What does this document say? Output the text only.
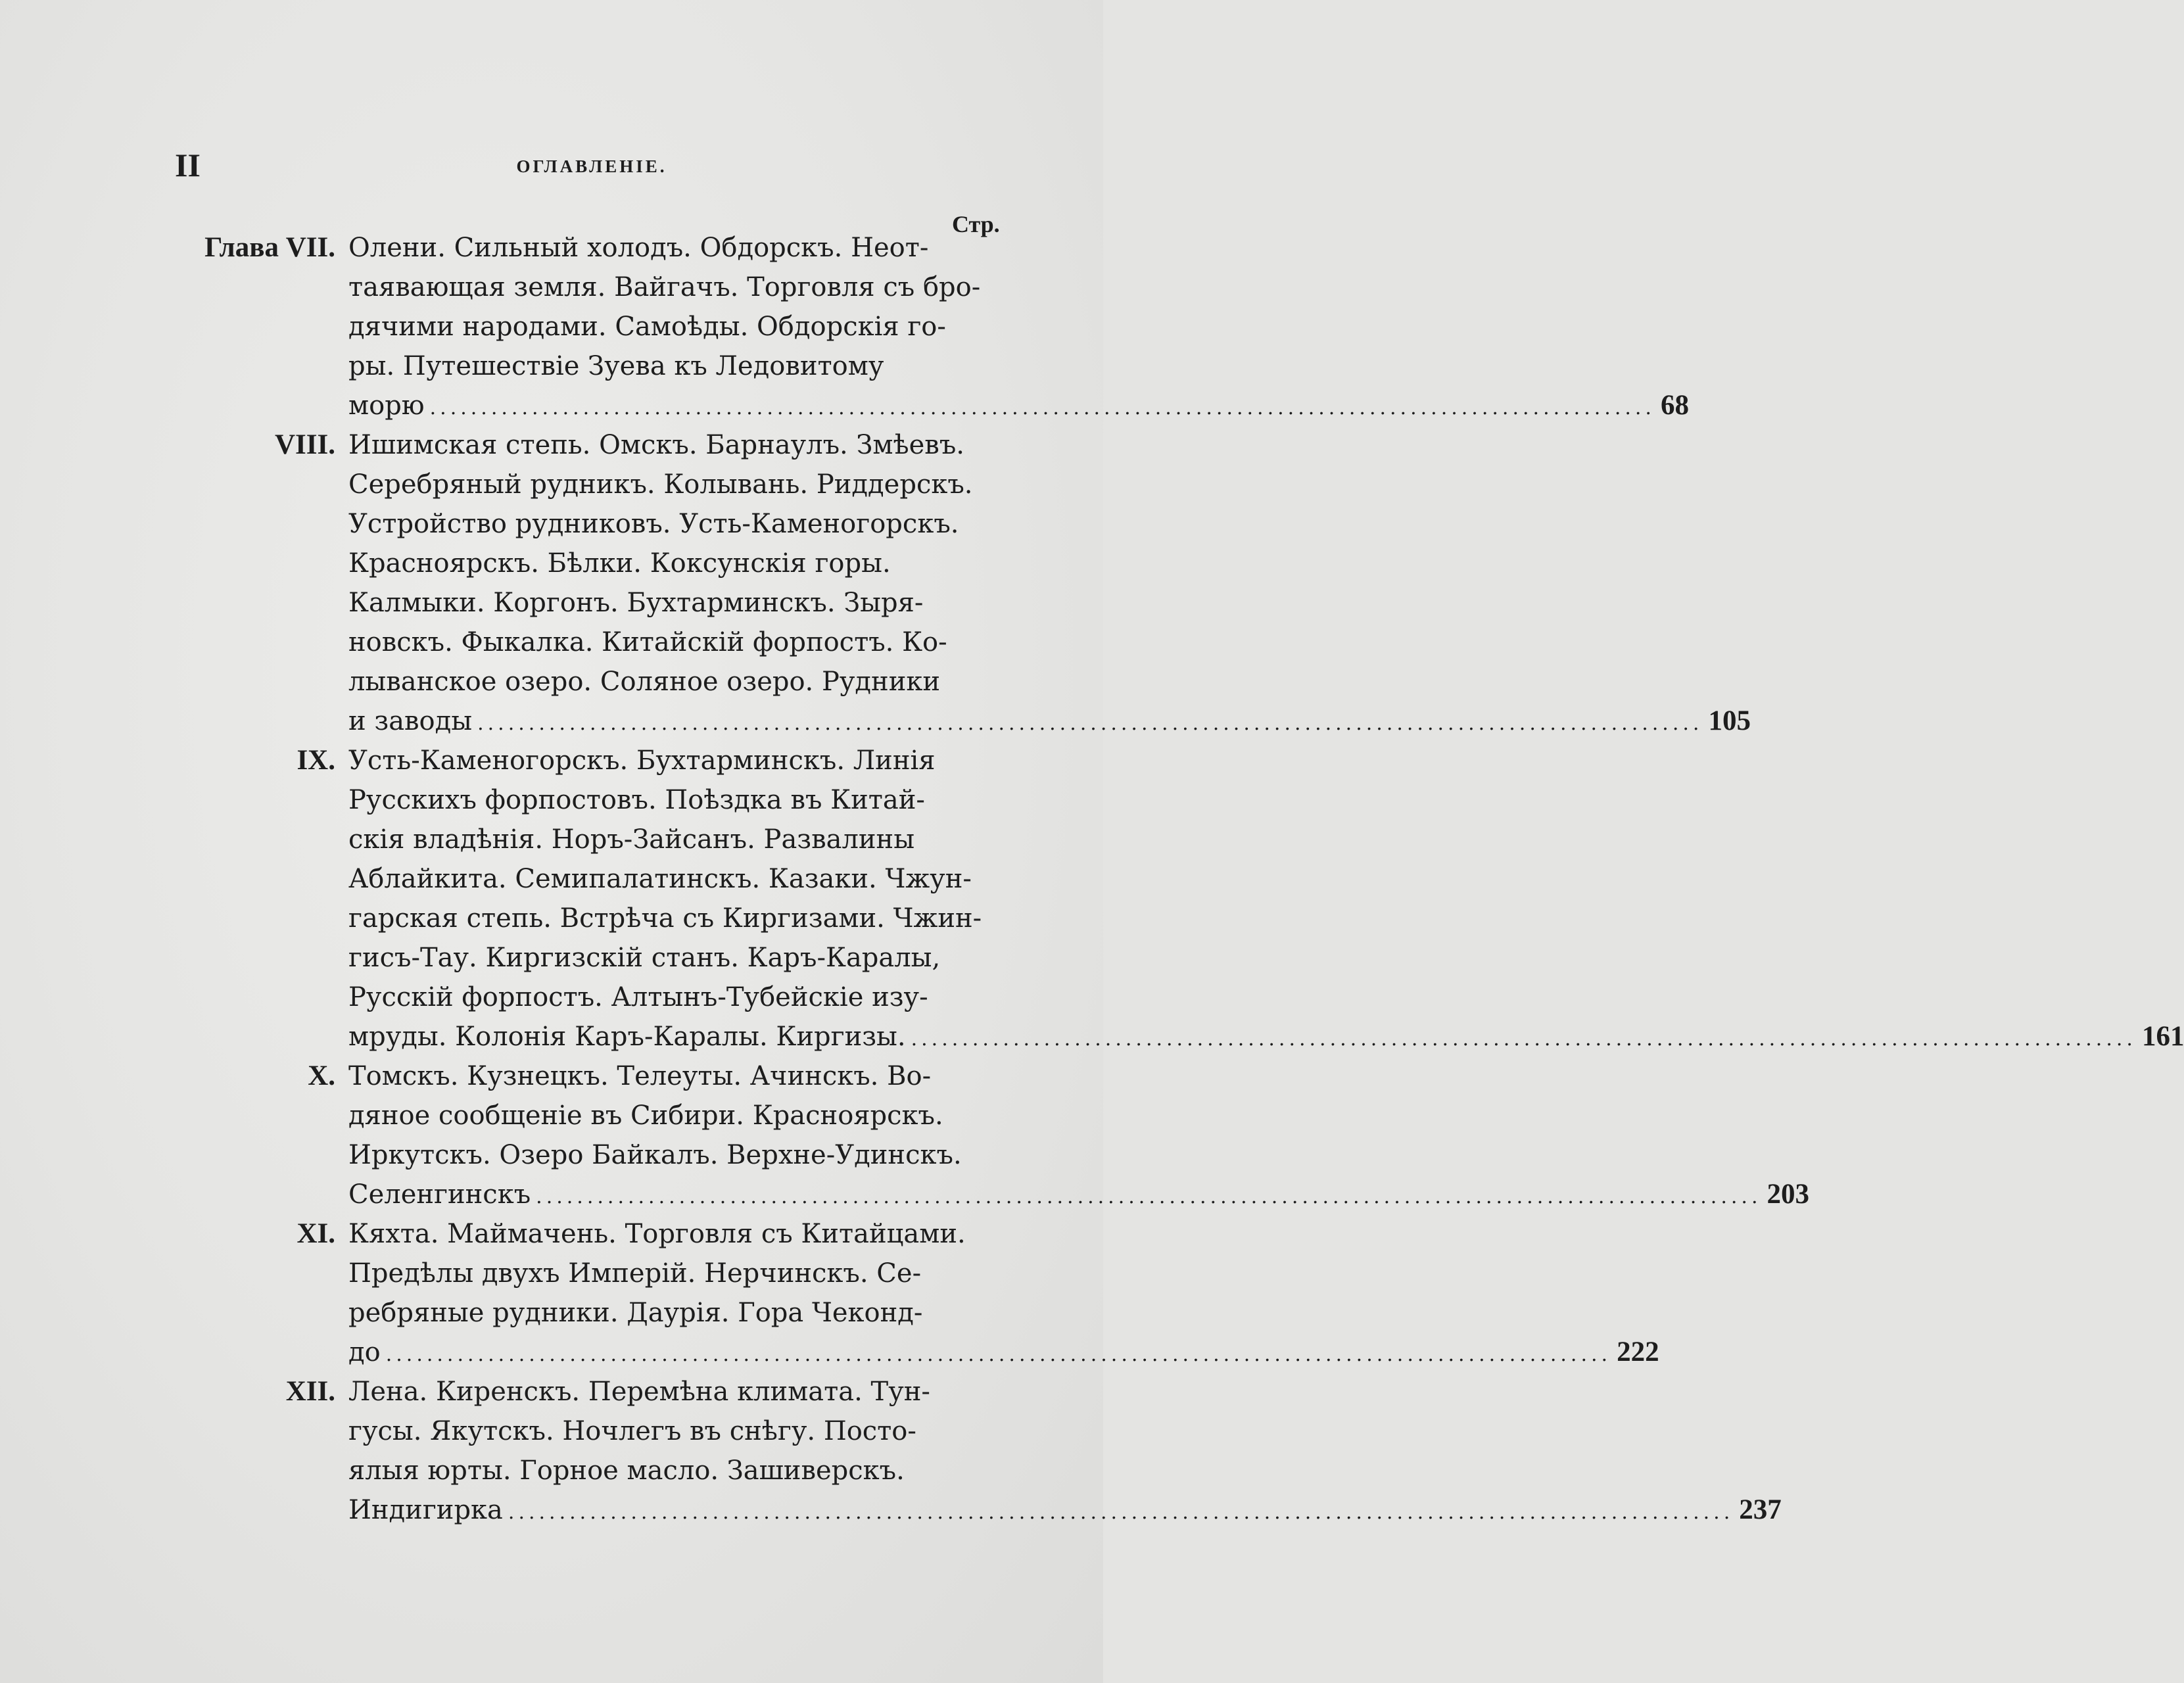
II	ОГЛАВЛЕНІЕ.
Стр.
Глава VII. Олени. Сильный холодъ. Обдорскъ. Неот-
таявающая земля. Вайгачъ. Торговля съ бро-
дячими народами. Самоѣды. Обдорскія го-
ры. Путешествіе Зуева къ Ледовитому
морю ........................................................................................................................ 68
VIII. Ишимская степь. Омскъ. Барнаулъ. Змѣевъ.
Серебряный рудникъ. Колывань. Риддерскъ.
Устройство рудниковъ. Усть-Каменогорскъ.
Краснoярскъ. Бѣлки. Коксунскія горы.
Калмыки. Коргонъ. Бухтарминскъ. Зыря-
новскъ. Фыкалка. Китайскій форпостъ. Ко-
лыванское озеро. Соляное озеро. Рудники
и заводы ........................................................................................................................ 105
IX. Усть-Каменогорскъ. Бухтарминскъ. Линія
Русскихъ форпостовъ. Поѣздка въ Китай-
скія владѣнія. Норъ-Зайсанъ. Развалины
Аблайкита. Семипалатинскъ. Казаки. Чжун-
гарская степь. Встрѣча съ Киргизами. Чжин-
гисъ-Тау. Киргизскій станъ. Каръ-Каралы,
Русскій форпостъ. Алтынъ-Тубейскіе изу-
мруды. Колонія Каръ-Каралы. Киргизы. ........................................................................................................................ 161
X. Томскъ. Кузнецкъ. Телеуты. Ачинскъ. Во-
дяное сообщеніе въ Сибири. Красноярскъ.
Иркутскъ. Озеро Байкалъ. Верхне-Удинскъ.
Селенгинскъ ........................................................................................................................ 203
XI. Кяхта. Маймачень. Торговля съ Китайцами.
Предѣлы двухъ Имперій. Нерчинскъ. Се-
ребряные рудники. Даурія. Гора Чеконд-
до ........................................................................................................................ 222
XII. Лена. Киренскъ. Перемѣна климата. Тун-
гусы. Якутскъ. Ночлегъ въ снѣгу. Посто-
ялыя юрты. Горное масло. Зашиверскъ.
Индигирка ........................................................................................................................ 237
